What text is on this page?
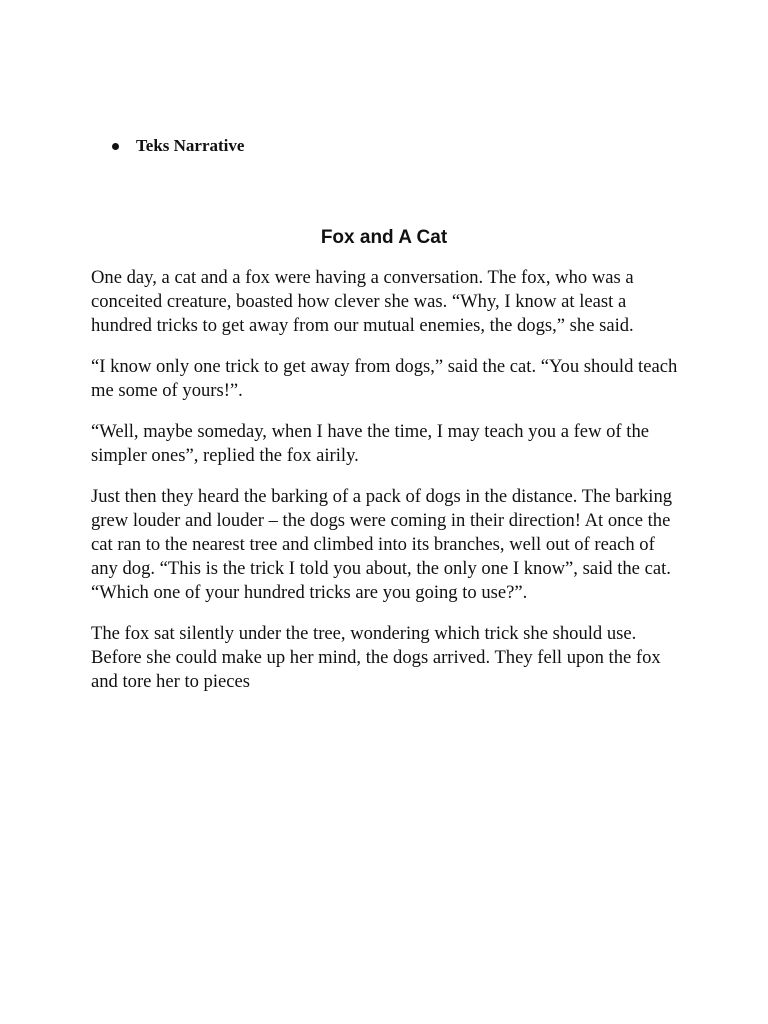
Teks Narrative
Fox and A Cat

One day, a cat and a fox were having a conversation. The fox, who was a conceited creature, boasted how clever she was. “Why, I know at least a hundred tricks to get away from our mutual enemies, the dogs,” she said.

“I know only one trick to get away from dogs,” said the cat. “You should teach me some of yours!”.

“Well, maybe someday, when I have the time, I may teach you a few of the simpler ones”, replied the fox airily.

Just then they heard the barking of a pack of dogs in the distance. The barking grew louder and louder – the dogs were coming in their direction! At once the cat ran to the nearest tree and climbed into its branches, well out of reach of any dog. “This is the trick I told you about, the only one I know”, said the cat. “Which one of your hundred tricks are you going to use?”.

The fox sat silently under the tree, wondering which trick she should use. Before she could make up her mind, the dogs arrived. They fell upon the fox and tore her to pieces
